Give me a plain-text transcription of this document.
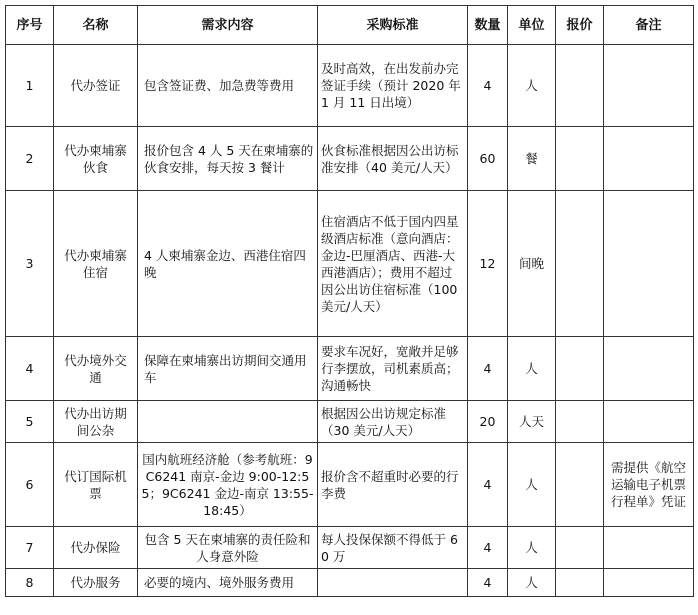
序号	名称	需求内容	采购标准	数量	单位	报价	备注
1	代办签证	包含签证费、加急费等费用	及时高效，在出发前办完签证手续（预计 2020 年 1 月 11 日出境）	4	人		
2	代办柬埔寨伙食	报价包含 4 人 5 天在柬埔寨的伙食安排，每天按 3 餐计	伙食标准根据因公出访标准安排（40 美元/人天）	60	餐		
3	代办柬埔寨住宿	4 人柬埔寨金边、西港住宿四晚	住宿酒店不低于国内四星级酒店标准（意向酒店：金边-巴厘酒店、西港-大西港酒店）；费用不超过因公出访住宿标准（100 美元/人天）	12	间晚		
4	代办境外交通	保障在柬埔寨出访期间交通用车	要求车况好，宽敞并足够行李摆放，司机素质高；沟通畅快	4	人		
5	代办出访期间公杂		根据因公出访规定标准（30 美元/人天）	20	人天		
6	代订国际机票	国内航班经济舱（参考航班：9C6241 南京-金边 9:00-12:55；9C6241 金边-南京 13:55-18:45）	报价含不超重时必要的行李费	4	人		需提供《航空运输电子机票行程单》凭证
7	代办保险	包含 5 天在柬埔寨的责任险和人身意外险	每人投保保额不得低于 60 万	4	人		
8	代办服务	必要的境内、境外服务费用		4	人		
